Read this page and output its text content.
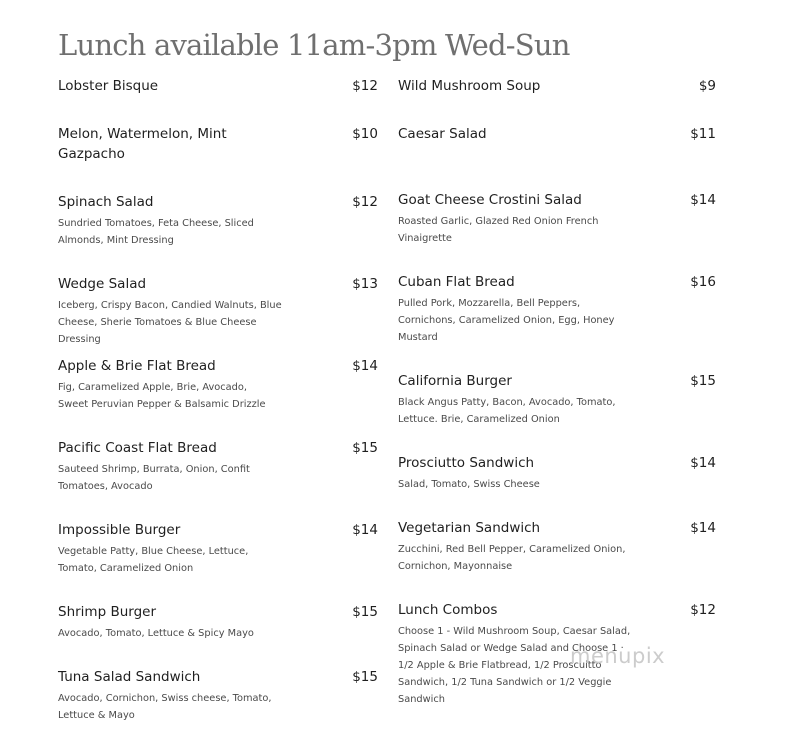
Lunch available 11am-3pm Wed-Sun
Lobster Bisque	$12
Melon, Watermelon, Mint Gazpacho
$10
Spinach Salad
Sundried Tomatoes, Feta Cheese, Sliced Almonds, Mint Dressing
$12
Wedge Salad
Iceberg, Crispy Bacon, Candied Walnuts, Blue Cheese, Sherie Tomatoes & Blue Cheese Dressing
$13
Apple & Brie Flat Bread
Fig, Caramelized Apple, Brie, Avocado, Sweet Peruvian Pepper & Balsamic Drizzle
$14
Pacific Coast Flat Bread
Sauteed Shrimp, Burrata, Onion, Confit Tomatoes, Avocado
$15
Impossible Burger
Vegetable Patty, Blue Cheese, Lettuce, Tomato, Caramelized Onion
$14
Shrimp Burger
Avocado, Tomato, Lettuce & Spicy Mayo
$15
Tuna Salad Sandwich
Avocado, Cornichon, Swiss cheese, Tomato, Lettuce & Mayo
$15
Wild Mushroom Soup	$9
Caesar Salad	$11
Goat Cheese Crostini Salad
Roasted Garlic, Glazed Red Onion French Vinaigrette
$14
Cuban Flat Bread
Pulled Pork, Mozzarella, Bell Peppers, Cornichons, Caramelized Onion, Egg, Honey Mustard
$16
California Burger
Black Angus Patty, Bacon, Avocado, Tomato, Lettuce. Brie, Caramelized Onion
$15
Prosciutto Sandwich
Salad, Tomato, Swiss Cheese
$14
Vegetarian Sandwich
Zucchini, Red Bell Pepper, Caramelized Onion, Cornichon, Mayonnaise
$14
Lunch Combos
Choose 1 - Wild Mushroom Soup, Caesar Salad, Spinach Salad or Wedge Salad and Choose 1 · 1/2 Apple & Brie Flatbread, 1/2 Proscuitto Sandwich, 1/2 Tuna Sandwich or 1/2 Veggie Sandwich
$12
menupix
